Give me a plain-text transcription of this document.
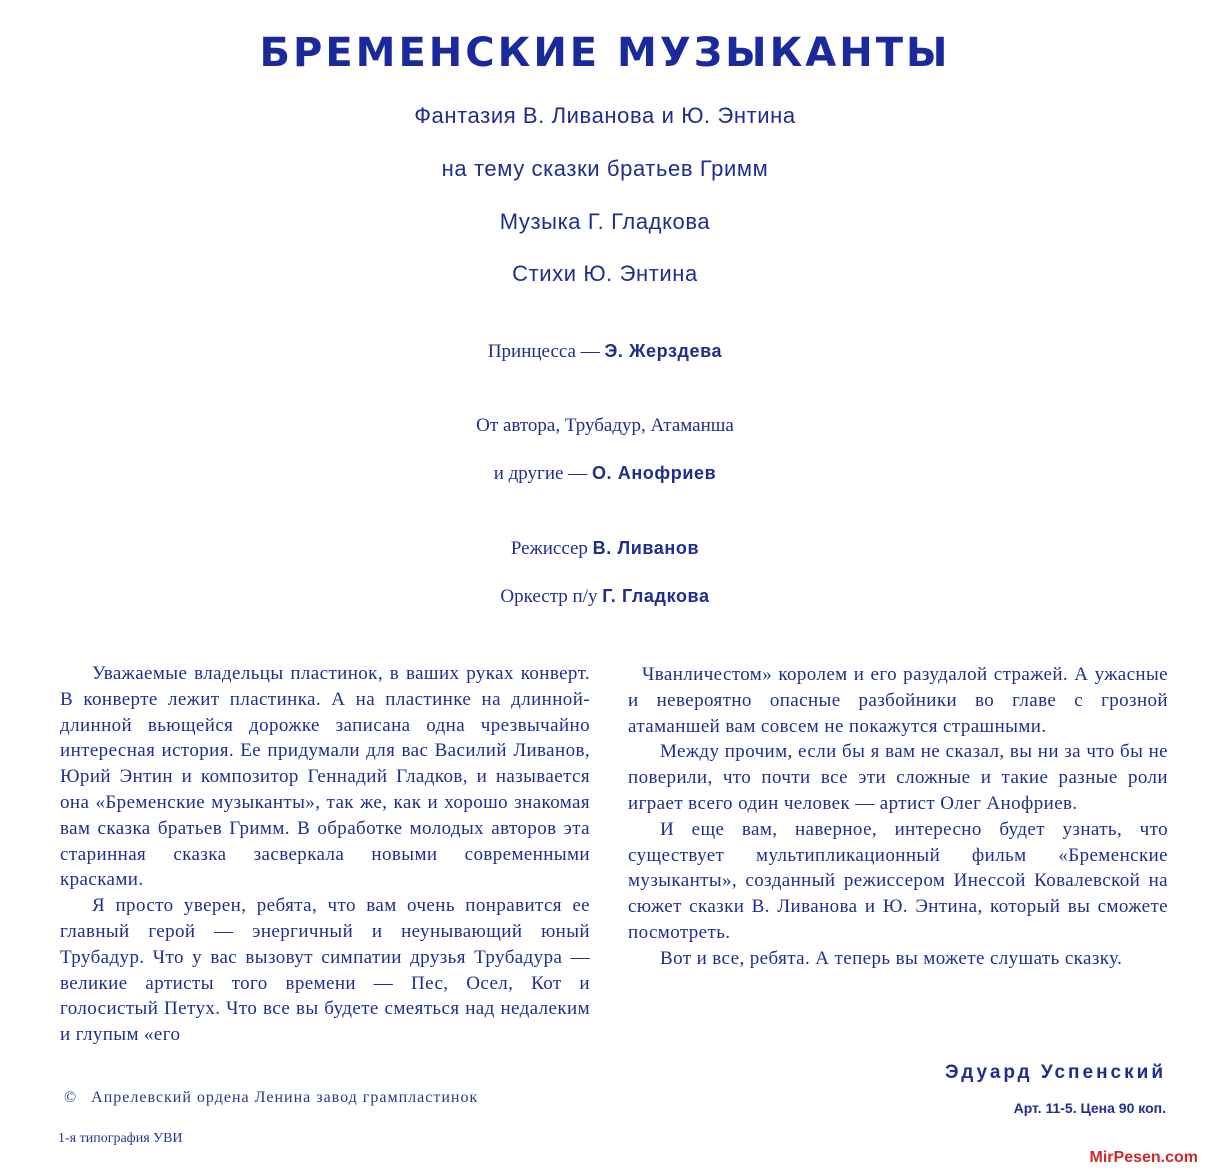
БРЕМЕНСКИЕ МУЗЫКАНТЫ
Фантазия В. Ливанова и Ю. Энтина
на тему сказки братьев Гримм
Музыка Г. Гладкова
Стихи Ю. Энтина
Принцесса — Э. Жерздева
От автора, Трубадур, Атаманша
и другие — О. Анофриев
Режиссер В. Ливанов
Оркестр п/у Г. Гладкова

Уважаемые владельцы пластинок, в ваших руках конверт. В конверте лежит пластинка. А на пластинке на длинной-длинной вьющейся дорожке записана одна чрезвычайно интересная история. Ее придумали для вас Василий Ливанов, Юрий Энтин и композитор Геннадий Гладков, и называется она «Бременские музыканты», так же, как и хорошо знакомая вам сказка братьев Гримм. В обработке молодых авторов эта старинная сказка засверкала новыми современными красками.

Я просто уверен, ребята, что вам очень понравится ее главный герой — энергичный и неунывающий юный Трубадур. Что у вас вызовут симпатии друзья Трубадура — великие артисты того времени — Пес, Осел, Кот и голосистый Петух. Что все вы будете смеяться над недалеким и глупым «его

Чванличестом» королем и его разудалой стражей. А ужасные и невероятно опасные разбойники во главе с грозной атаманшей вам совсем не покажутся страшными.

Между прочим, если бы я вам не сказал, вы ни за что бы не поверили, что почти все эти сложные и такие разные роли играет всего один человек — артист Олег Анофриев.

И еще вам, наверное, интересно будет узнать, что существует мультипликационный фильм «Бременские музыканты», созданный режиссером Инессой Ковалевской на сюжет сказки В. Ливанова и Ю. Энтина, который вы сможете посмотреть.

Вот и все, ребята. А теперь вы можете слушать сказку.

Эдуард Успенский
Арт. 11-5. Цена 90 коп.
© Апрелевский ордена Ленина завод грампластинок
1-я типография УВИ
MirPesen.com
